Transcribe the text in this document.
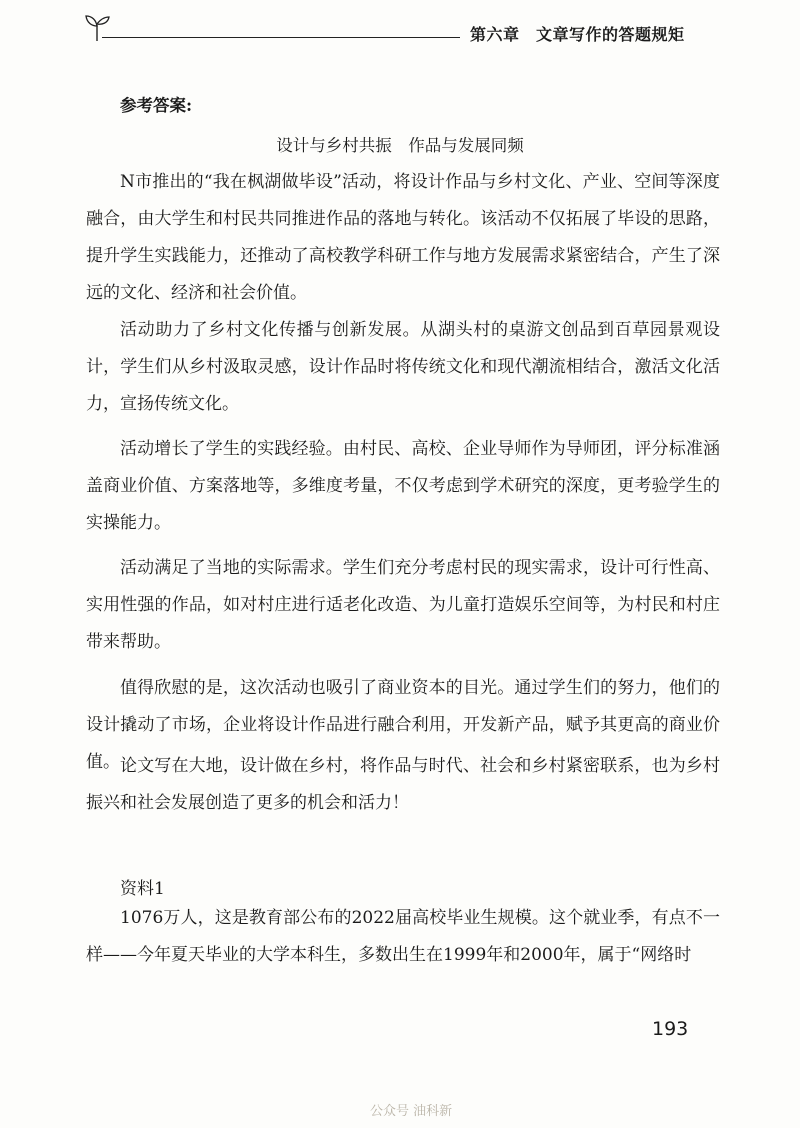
第六章　文章写作的答题规矩
参考答案:
设计与乡村共振　作品与发展同频

N市推出的“我在枫湖做毕设”活动，将设计作品与乡村文化、产业、空间等深度融合，由大学生和村民共同推进作品的落地与转化。该活动不仅拓展了毕设的思路，提升学生实践能力，还推动了高校教学科研工作与地方发展需求紧密结合，产生了深远的文化、经济和社会价值。

活动助力了乡村文化传播与创新发展。从湖头村的桌游文创品到百草园景观设计，学生们从乡村汲取灵感，设计作品时将传统文化和现代潮流相结合，激活文化活力，宣扬传统文化。

活动增长了学生的实践经验。由村民、高校、企业导师作为导师团，评分标准涵盖商业价值、方案落地等，多维度考量，不仅考虑到学术研究的深度，更考验学生的实操能力。

活动满足了当地的实际需求。学生们充分考虑村民的现实需求，设计可行性高、实用性强的作品，如对村庄进行适老化改造、为儿童打造娱乐空间等，为村民和村庄带来帮助。

值得欣慰的是，这次活动也吸引了商业资本的目光。通过学生们的努力，他们的设计撬动了市场，企业将设计作品进行融合利用，开发新产品，赋予其更高的商业价值。 论文写在大地，设计做在乡村，将作品与时代、社会和乡村紧密联系，也为乡村振兴和社会发展创造了更多的机会和活力！

资料1

1076万人，这是教育部公布的2022届高校毕业生规模。这个就业季，有点不一样——今年夏天毕业的大学本科生，多数出生在1999年和2000年，属于“网络时

193
公众号 油科新
